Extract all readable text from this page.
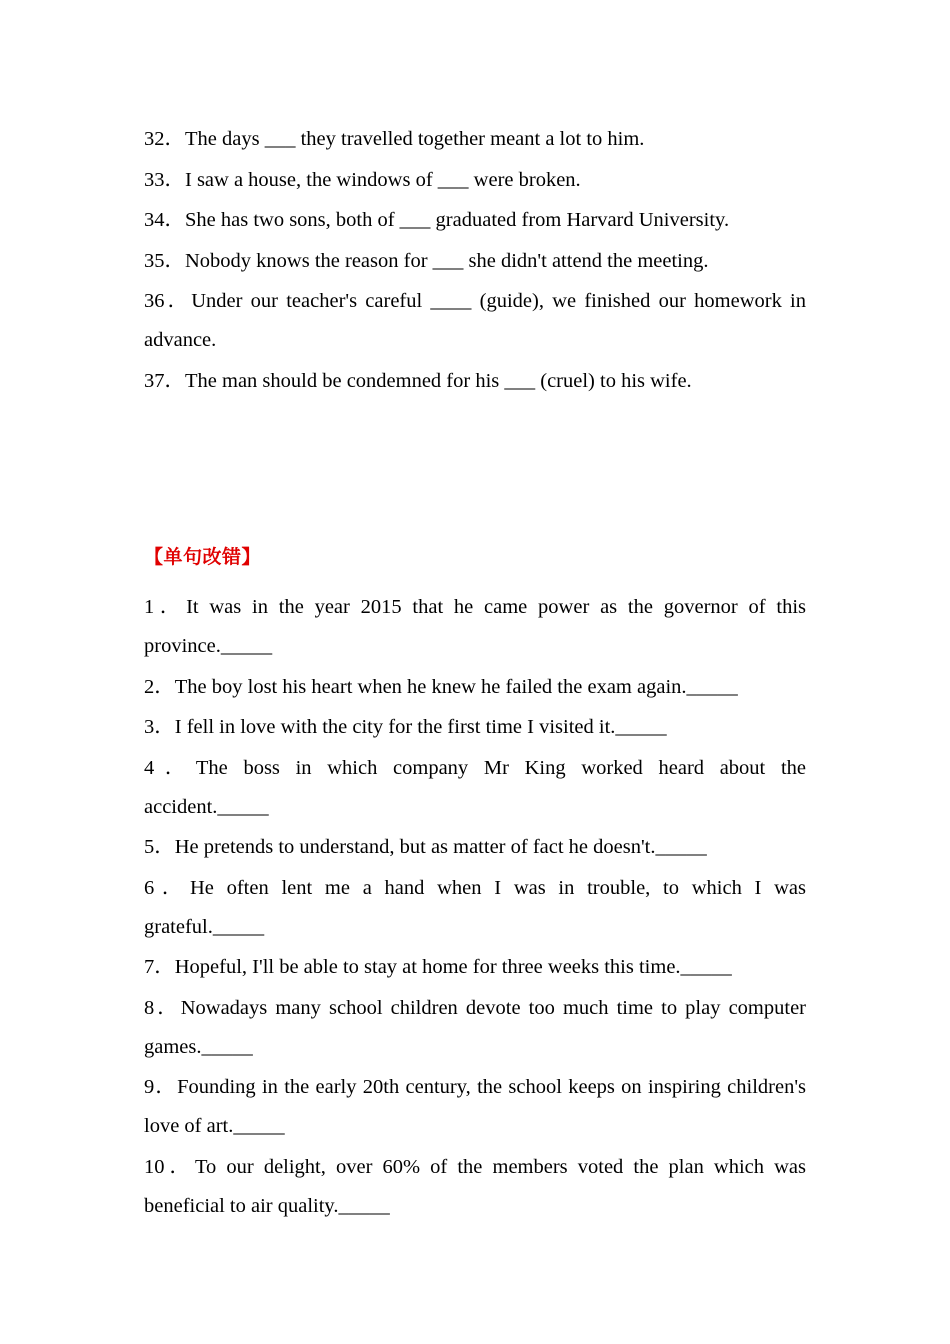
32．The days ___ they travelled together meant a lot to him.

33．I saw a house, the windows of ___ were broken.

34．She has two sons, both of ___ graduated from Harvard University.

35．Nobody knows the reason for ___ she didn't attend the meeting.

36．Under our teacher's careful ____ (guide), we finished our homework in advance.

37．The man should be condemned for his ___ (cruel) to his wife.

【单句改错】

1．It was in the year 2015 that he came power as the governor of this province._____

2．The boy lost his heart when he knew he failed the exam again._____

3．I fell in love with the city for the first time I visited it._____

4．The boss in which company Mr King worked heard about the accident._____

5．He pretends to understand, but as matter of fact he doesn't._____

6．He often lent me a hand when I was in trouble, to which I was grateful._____

7．Hopeful, I'll be able to stay at home for three weeks this time._____

8．Nowadays many school children devote too much time to play computer games._____

9．Founding in the early 20th century, the school keeps on inspiring children's love of art._____

10．To our delight, over 60% of the members voted the plan which was beneficial to air quality._____
